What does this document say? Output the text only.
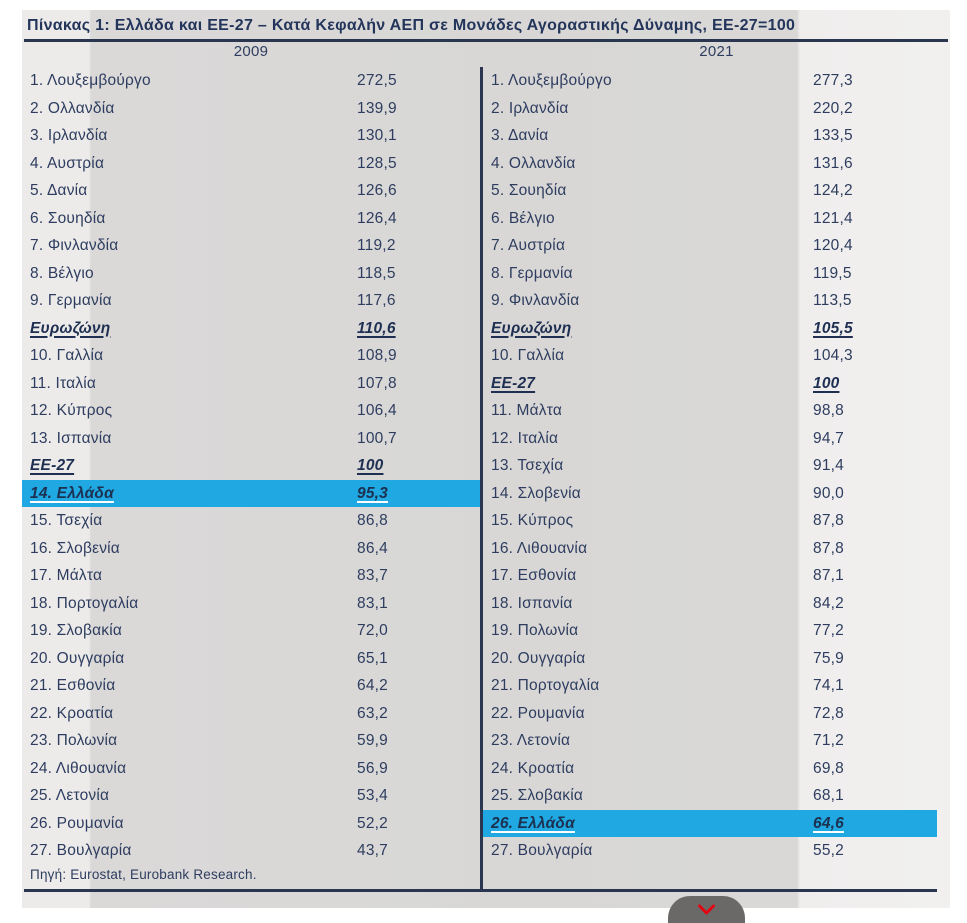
Πίνακας 1: Ελλάδα και ΕΕ-27 – Κατά Κεφαλήν ΑΕΠ σε Μονάδες Αγοραστικής Δύναμης, ΕΕ-27=100
2009	2021
1. Λουξεμβούργο	272,5
2. Ολλανδία	139,9
3. Ιρλανδία	130,1
4. Αυστρία	128,5
5. Δανία	126,6
6. Σουηδία	126,4
7. Φινλανδία	119,2
8. Βέλγιο	118,5
9. Γερμανία	117,6
Ευρωζώνη	110,6
10. Γαλλία	108,9
11. Ιταλία	107,8
12. Κύπρος	106,4
13. Ισπανία	100,7
ΕΕ-27	100
14. Ελλάδα	95,3
15. Τσεχία	86,8
16. Σλοβενία	86,4
17. Μάλτα	83,7
18. Πορτογαλία	83,1
19. Σλοβακία	72,0
20. Ουγγαρία	65,1
21. Εσθονία	64,2
22. Κροατία	63,2
23. Πολωνία	59,9
24. Λιθουανία	56,9
25. Λετονία	53,4
26. Ρουμανία	52,2
27. Βουλγαρία	43,7
1. Λουξεμβούργο	277,3
2. Ιρλανδία	220,2
3. Δανία	133,5
4. Ολλανδία	131,6
5. Σουηδία	124,2
6. Βέλγιο	121,4
7. Αυστρία	120,4
8. Γερμανία	119,5
9. Φινλανδία	113,5
Ευρωζώνη	105,5
10. Γαλλία	104,3
ΕΕ-27	100
11. Μάλτα	98,8
12. Ιταλία	94,7
13. Τσεχία	91,4
14. Σλοβενία	90,0
15. Κύπρος	87,8
16. Λιθουανία	87,8
17. Εσθονία	87,1
18. Ισπανία	84,2
19. Πολωνία	77,2
20. Ουγγαρία	75,9
21. Πορτογαλία	74,1
22. Ρουμανία	72,8
23. Λετονία	71,2
24. Κροατία	69,8
25. Σλοβακία	68,1
26. Ελλάδα	64,6
27. Βουλγαρία	55,2
Πηγή: Eurostat, Eurobank Research.
